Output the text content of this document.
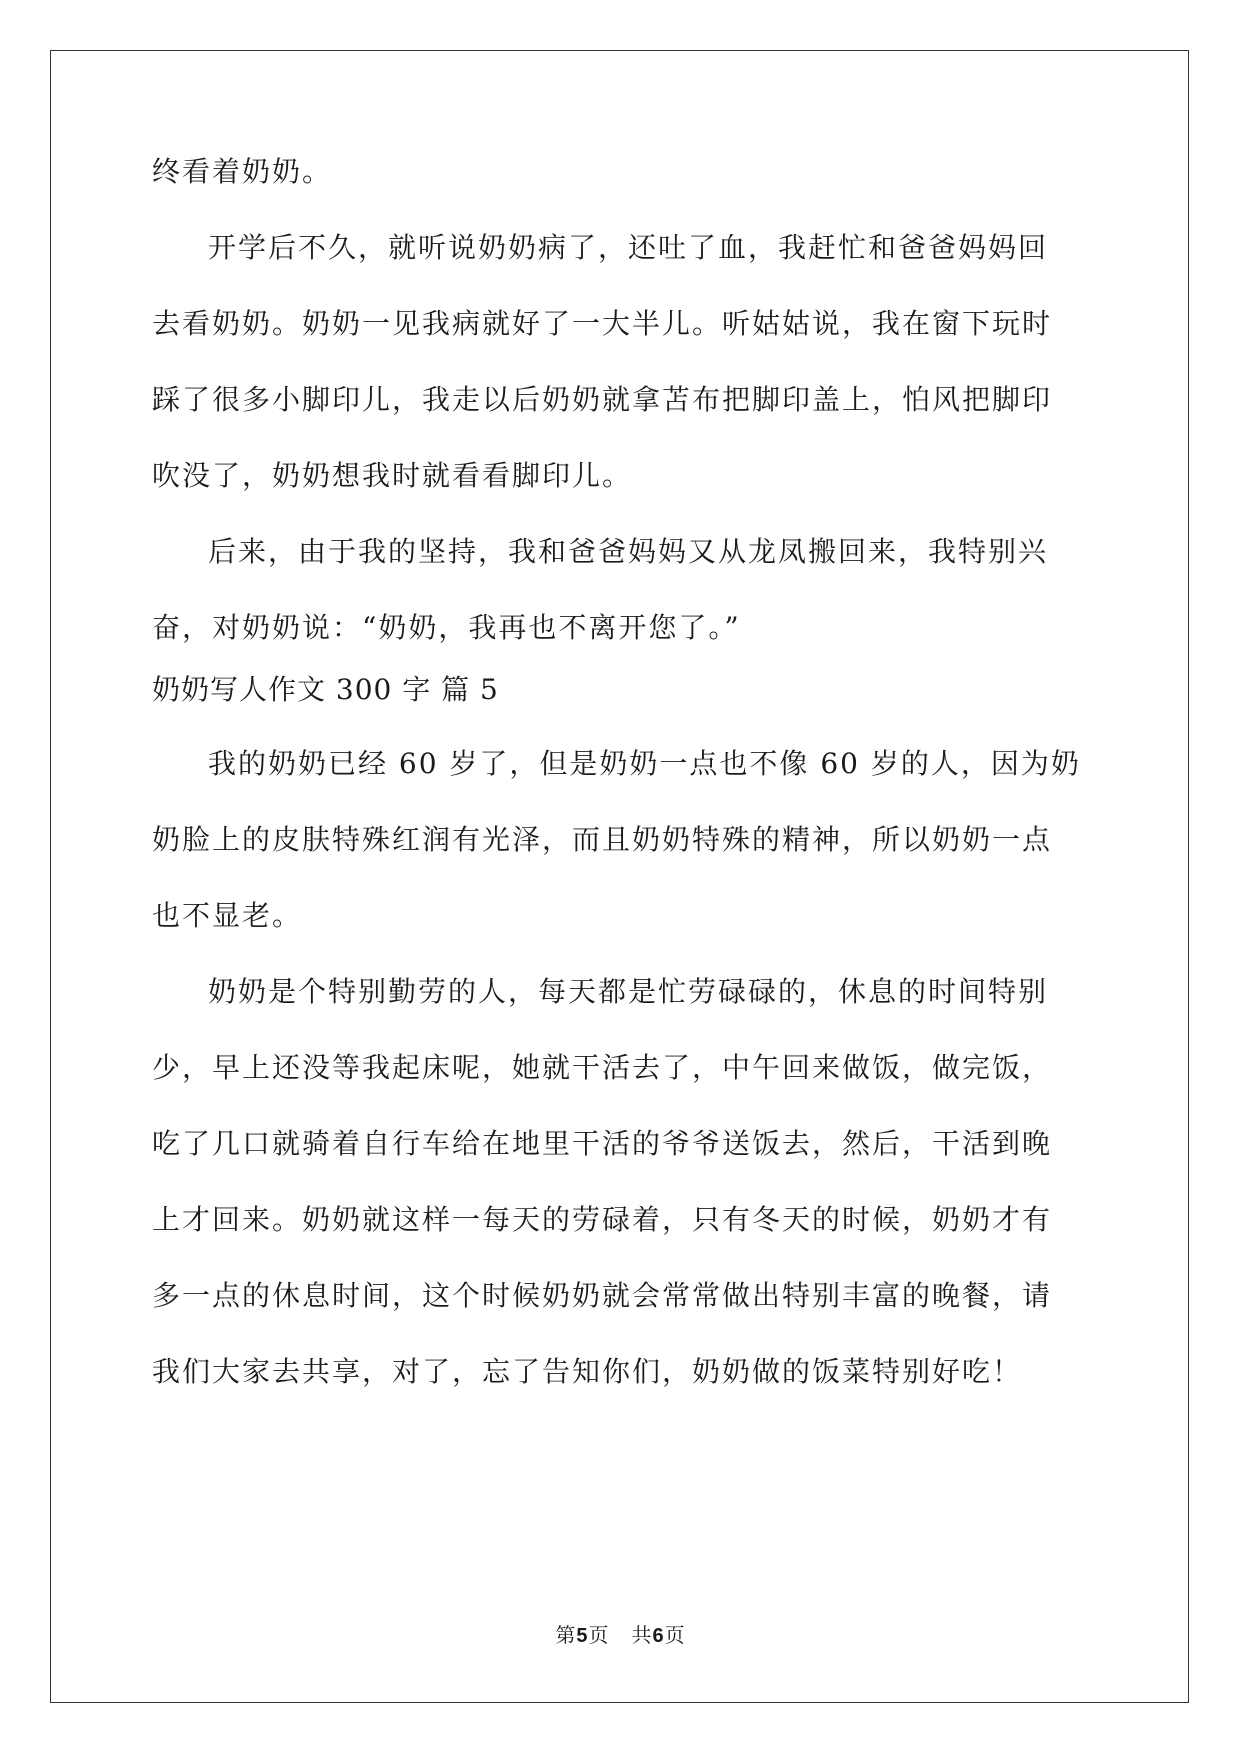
终看着奶奶。
开学后不久，就听说奶奶病了，还吐了血，我赶忙和爸爸妈妈回
去看奶奶。奶奶一见我病就好了一大半儿。听姑姑说，我在窗下玩时
踩了很多小脚印儿，我走以后奶奶就拿苫布把脚印盖上，怕风把脚印
吹没了，奶奶想我时就看看脚印儿。
后来，由于我的坚持，我和爸爸妈妈又从龙凤搬回来，我特别兴
奋，对奶奶说：“奶奶，我再也不离开您了。”
奶奶写人作文 300 字 篇 5
我的奶奶已经 60 岁了，但是奶奶一点也不像 60 岁的人，因为奶
奶脸上的皮肤特殊红润有光泽，而且奶奶特殊的精神，所以奶奶一点
也不显老。
奶奶是个特别勤劳的人，每天都是忙劳碌碌的，休息的时间特别
少，早上还没等我起床呢，她就干活去了，中午回来做饭，做完饭，
吃了几口就骑着自行车给在地里干活的爷爷送饭去，然后，干活到晚
上才回来。奶奶就这样一每天的劳碌着，只有冬天的时候，奶奶才有
多一点的休息时间，这个时候奶奶就会常常做出特别丰富的晚餐，请
我们大家去共享，对了，忘了告知你们，奶奶做的饭菜特别好吃！
第5页 共6页
